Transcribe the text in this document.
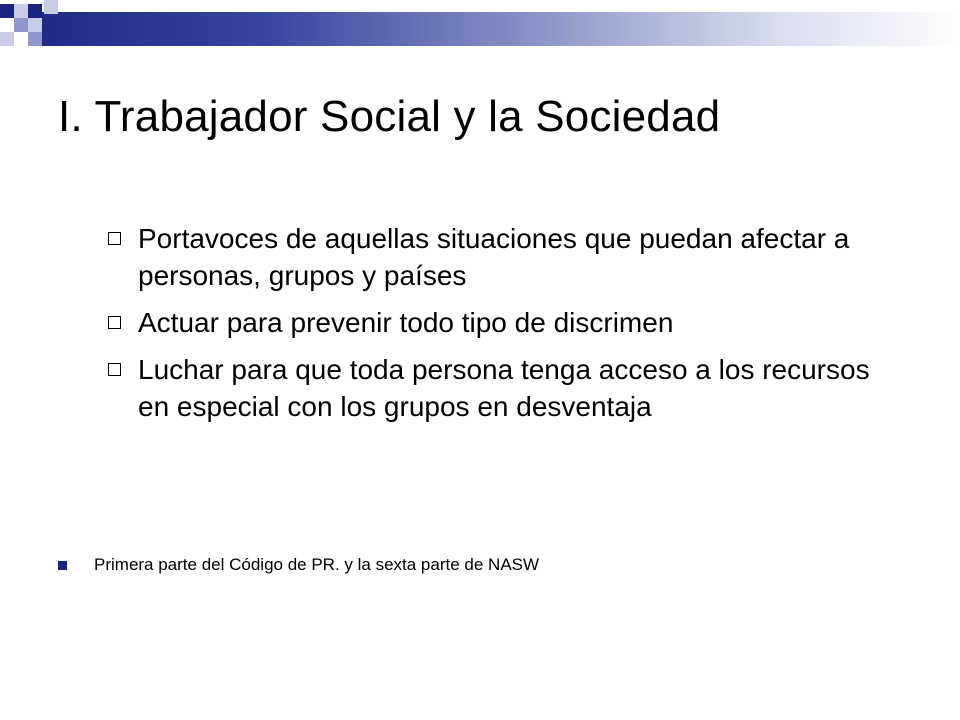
I. Trabajador Social y la Sociedad
Portavoces de aquellas situaciones que puedan afectar a personas, grupos y países
Actuar para prevenir todo tipo de discrimen
Luchar para que toda persona tenga acceso a los recursos en especial con los grupos en desventaja
Primera parte del Código de PR. y la sexta parte de NASW
